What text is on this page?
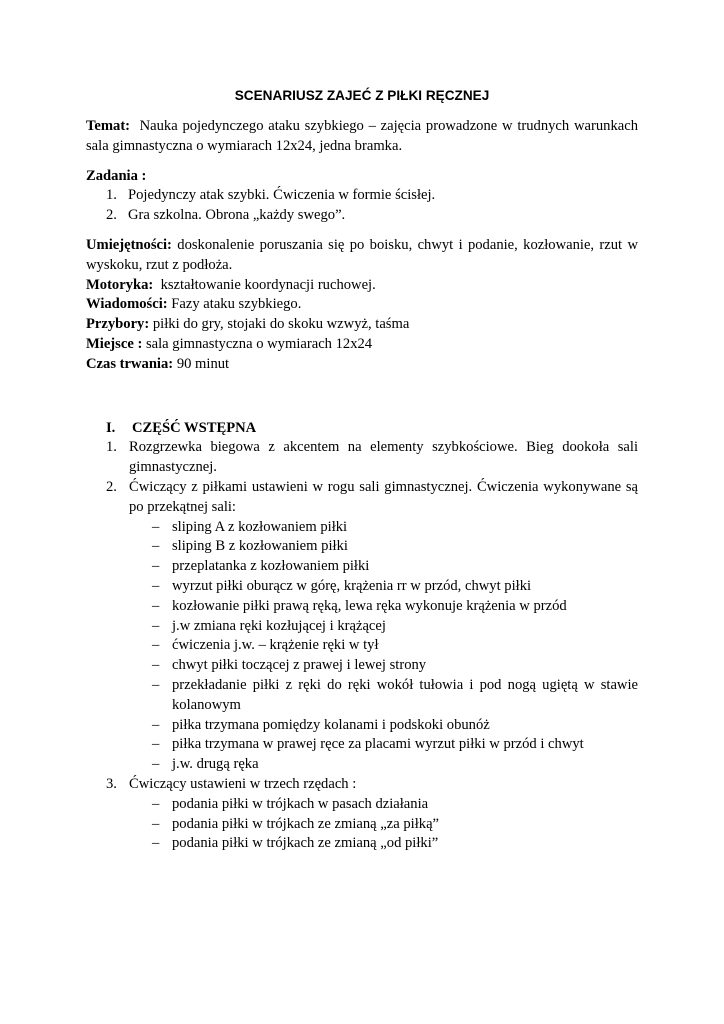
SCENARIUSZ ZAJEĆ Z PIŁKI RĘCZNEJ

Temat: Nauka pojedynczego ataku szybkiego – zajęcia prowadzone w trudnych warunkach sala gimnastyczna o wymiarach 12x24, jedna bramka.

Zadania :

1. Pojedynczy atak szybki. Ćwiczenia w formie ścisłej.
2. Gra szkolna. Obrona „każdy swego”.

Umiejętności: doskonalenie poruszania się po boisku, chwyt i podanie, kozłowanie, rzut w wyskoku, rzut z podłoża.

Motoryka: kształtowanie koordynacji ruchowej.

Wiadomości: Fazy ataku szybkiego.

Przybory: piłki do gry, stojaki do skoku wzwyż, taśma

Miejsce : sala gimnastyczna o wymiarach 12x24

Czas trwania: 90 minut

I.	CZĘŚĆ WSTĘPNA
1. Rozgrzewka biegowa z akcentem na elementy szybkościowe. Bieg dookoła sali gimnastycznej.
2. Ćwiczący z piłkami ustawieni w rogu sali gimnastycznej. Ćwiczenia wykonywane są po przekątnej sali:
– sliping A z kozłowaniem piłki
– sliping B z kozłowaniem piłki
– przeplatanka z kozłowaniem piłki
– wyrzut piłki oburącz w górę, krążenia rr w przód, chwyt piłki
– kozłowanie piłki prawą ręką, lewa ręka wykonuje krążenia w przód
– j.w zmiana ręki kozłującej i krążącej
– ćwiczenia j.w. – krążenie ręki w tył
– chwyt piłki toczącej z prawej i lewej strony
– przekładanie piłki z ręki do ręki wokół tułowia i pod nogą ugiętą w stawie kolanowym
– piłka trzymana pomiędzy kolanami i podskoki obunóż
– piłka trzymana w prawej ręce za placami wyrzut piłki w przód i chwyt
– j.w. drugą ręka
3. Ćwiczący ustawieni w trzech rzędach :
– podania piłki w trójkach w pasach działania
– podania piłki w trójkach ze zmianą „za piłką”
– podania piłki w trójkach ze zmianą „od piłki”
